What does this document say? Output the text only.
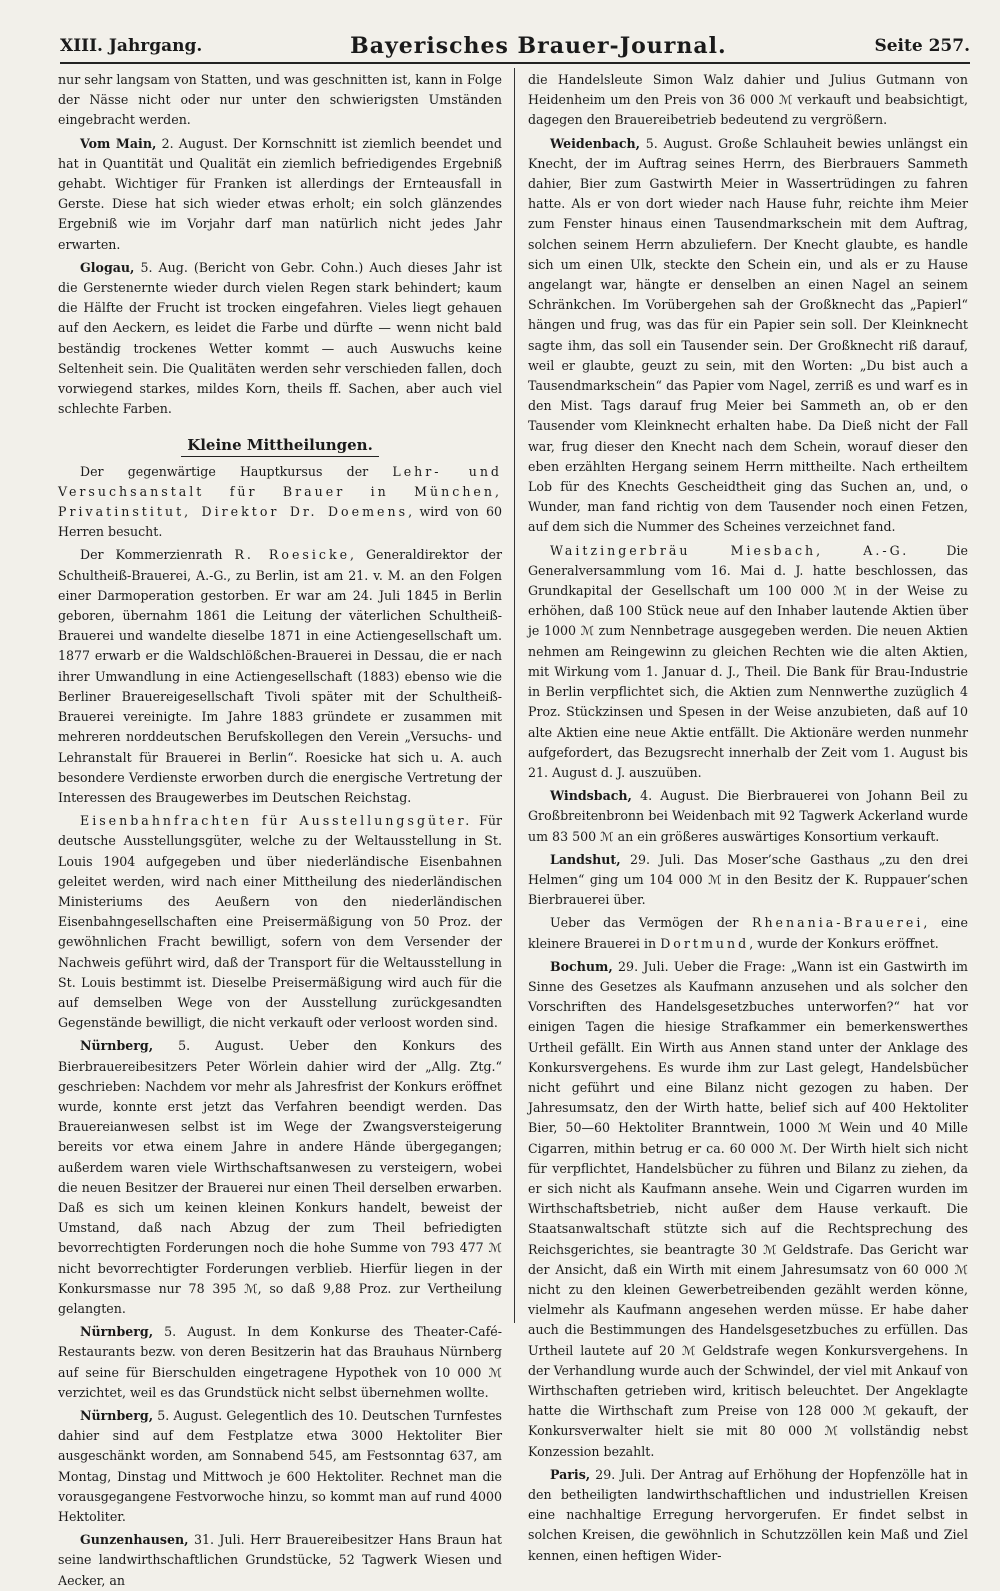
XIII. Jahrgang.	Bayerisches Brauer-Journal.	Seite 257.

nur sehr langsam von Statten, und was geschnitten ist, kann in Folge der Nässe nicht oder nur unter den schwierigsten Umständen eingebracht werden.

Vom Main, 2. August. Der Kornschnitt ist ziemlich beendet und hat in Quantität und Qualität ein ziemlich befriedigendes Ergebniß gehabt. Wichtiger für Franken ist allerdings der Ernteausfall in Gerste. Diese hat sich wieder etwas erholt; ein solch glänzendes Ergebniß wie im Vorjahr darf man natürlich nicht jedes Jahr erwarten.

Glogau, 5. Aug. (Bericht von Gebr. Cohn.) Auch dieses Jahr ist die Gerstenernte wieder durch vielen Regen stark behindert; kaum die Hälfte der Frucht ist trocken eingefahren. Vieles liegt gehauen auf den Aeckern, es leidet die Farbe und dürfte — wenn nicht bald beständig trockenes Wetter kommt — auch Auswuchs keine Seltenheit sein. Die Qualitäten werden sehr verschieden fallen, doch vorwiegend starkes, mildes Korn, theils ff. Sachen, aber auch viel schlechte Farben.

Kleine Mittheilungen.

Der gegenwärtige Hauptkursus der Lehr- und Versuchsanstalt für Brauer in München, Privatinstitut, Direktor Dr. Doemens, wird von 60 Herren besucht.

Der Kommerzienrath R. Roesicke, Generaldirektor der Schultheiß-Brauerei, A.-G., zu Berlin, ist am 21. v. M. an den Folgen einer Darmoperation gestorben. Er war am 24. Juli 1845 in Berlin geboren, übernahm 1861 die Leitung der väterlichen Schultheiß-Brauerei und wandelte dieselbe 1871 in eine Actiengesellschaft um. 1877 erwarb er die Waldschlößchen-Brauerei in Dessau, die er nach ihrer Umwandlung in eine Actiengesellschaft (1883) ebenso wie die Berliner Brauereigesellschaft Tivoli später mit der Schultheiß-Brauerei vereinigte. Im Jahre 1883 gründete er zusammen mit mehreren norddeutschen Berufskollegen den Verein „Versuchs- und Lehranstalt für Brauerei in Berlin“. Roesicke hat sich u. A. auch besondere Verdienste erworben durch die energische Vertretung der Interessen des Braugewerbes im Deutschen Reichstag.

Eisenbahnfrachten für Ausstellungsgüter. Für deutsche Ausstellungsgüter, welche zu der Weltausstellung in St. Louis 1904 aufgegeben und über niederländische Eisenbahnen geleitet werden, wird nach einer Mittheilung des niederländischen Ministeriums des Aeußern von den niederländischen Eisenbahngesellschaften eine Preisermäßigung von 50 Proz. der gewöhnlichen Fracht bewilligt, sofern von dem Versender der Nachweis geführt wird, daß der Transport für die Weltausstellung in St. Louis bestimmt ist. Dieselbe Preisermäßigung wird auch für die auf demselben Wege von der Ausstellung zurückgesandten Gegenstände bewilligt, die nicht verkauft oder verloost worden sind.

Nürnberg, 5. August. Ueber den Konkurs des Bierbrauereibesitzers Peter Wörlein dahier wird der „Allg. Ztg.“ geschrieben: Nachdem vor mehr als Jahresfrist der Konkurs eröffnet wurde, konnte erst jetzt das Verfahren beendigt werden. Das Brauereianwesen selbst ist im Wege der Zwangsversteigerung bereits vor etwa einem Jahre in andere Hände übergegangen; außerdem waren viele Wirthschaftsanwesen zu versteigern, wobei die neuen Besitzer der Brauerei nur einen Theil derselben erwarben. Daß es sich um keinen kleinen Konkurs handelt, beweist der Umstand, daß nach Abzug der zum Theil befriedigten bevorrechtigten Forderungen noch die hohe Summe von 793 477 ℳ nicht bevorrechtigter Forderungen verblieb. Hierfür liegen in der Konkursmasse nur 78 395 ℳ, so daß 9,88 Proz. zur Vertheilung gelangten.

Nürnberg, 5. August. In dem Konkurse des Theater-Café-Restaurants bezw. von deren Besitzerin hat das Brauhaus Nürnberg auf seine für Bierschulden eingetragene Hypothek von 10 000 ℳ verzichtet, weil es das Grundstück nicht selbst übernehmen wollte.

Nürnberg, 5. August. Gelegentlich des 10. Deutschen Turnfestes dahier sind auf dem Festplatze etwa 3000 Hektoliter Bier ausgeschänkt worden, am Sonnabend 545, am Festsonntag 637, am Montag, Dinstag und Mittwoch je 600 Hektoliter. Rechnet man die vorausgegangene Festvorwoche hinzu, so kommt man auf rund 4000 Hektoliter.

Gunzenhausen, 31. Juli. Herr Brauereibesitzer Hans Braun hat seine landwirthschaftlichen Grundstücke, 52 Tagwerk Wiesen und Aecker, an

die Handelsleute Simon Walz dahier und Julius Gutmann von Heidenheim um den Preis von 36 000 ℳ verkauft und beabsichtigt, dagegen den Brauereibetrieb bedeutend zu vergrößern.

Weidenbach, 5. August. Große Schlauheit bewies unlängst ein Knecht, der im Auftrag seines Herrn, des Bierbrauers Sammeth dahier, Bier zum Gastwirth Meier in Wassertrüdingen zu fahren hatte. Als er von dort wieder nach Hause fuhr, reichte ihm Meier zum Fenster hinaus einen Tausendmarkschein mit dem Auftrag, solchen seinem Herrn abzuliefern. Der Knecht glaubte, es handle sich um einen Ulk, steckte den Schein ein, und als er zu Hause angelangt war, hängte er denselben an einen Nagel an seinem Schränkchen. Im Vorübergehen sah der Großknecht das „Papierl“ hängen und frug, was das für ein Papier sein soll. Der Kleinknecht sagte ihm, das soll ein Tausender sein. Der Großknecht riß darauf, weil er glaubte, geuzt zu sein, mit den Worten: „Du bist auch a Tausendmarkschein“ das Papier vom Nagel, zerriß es und warf es in den Mist. Tags darauf frug Meier bei Sammeth an, ob er den Tausender vom Kleinknecht erhalten habe. Da Dieß nicht der Fall war, frug dieser den Knecht nach dem Schein, worauf dieser den eben erzählten Hergang seinem Herrn mittheilte. Nach ertheiltem Lob für des Knechts Gescheidtheit ging das Suchen an, und, o Wunder, man fand richtig von dem Tausender noch einen Fetzen, auf dem sich die Nummer des Scheines verzeichnet fand.

Waitzingerbräu Miesbach, A.-G. Die Generalversammlung vom 16. Mai d. J. hatte beschlossen, das Grundkapital der Gesellschaft um 100 000 ℳ in der Weise zu erhöhen, daß 100 Stück neue auf den Inhaber lautende Aktien über je 1000 ℳ zum Nennbetrage ausgegeben werden. Die neuen Aktien nehmen am Reingewinn zu gleichen Rechten wie die alten Aktien, mit Wirkung vom 1. Januar d. J., Theil. Die Bank für Brau-Industrie in Berlin verpflichtet sich, die Aktien zum Nennwerthe zuzüglich 4 Proz. Stückzinsen und Spesen in der Weise anzubieten, daß auf 10 alte Aktien eine neue Aktie entfällt. Die Aktionäre werden nunmehr aufgefordert, das Bezugsrecht innerhalb der Zeit vom 1. August bis 21. August d. J. auszuüben.

Windsbach, 4. August. Die Bierbrauerei von Johann Beil zu Großbreitenbronn bei Weidenbach mit 92 Tagwerk Ackerland wurde um 83 500 ℳ an ein größeres auswärtiges Konsortium verkauft.

Landshut, 29. Juli. Das Moser’sche Gasthaus „zu den drei Helmen“ ging um 104 000 ℳ in den Besitz der K. Ruppauer’schen Bierbrauerei über.

Ueber das Vermögen der Rhenania-Brauerei, eine kleinere Brauerei in Dortmund, wurde der Konkurs eröffnet.

Bochum, 29. Juli. Ueber die Frage: „Wann ist ein Gastwirth im Sinne des Gesetzes als Kaufmann anzusehen und als solcher den Vorschriften des Handelsgesetzbuches unterworfen?“ hat vor einigen Tagen die hiesige Strafkammer ein bemerkenswerthes Urtheil gefällt. Ein Wirth aus Annen stand unter der Anklage des Konkursvergehens. Es wurde ihm zur Last gelegt, Handelsbücher nicht geführt und eine Bilanz nicht gezogen zu haben. Der Jahresumsatz, den der Wirth hatte, belief sich auf 400 Hektoliter Bier, 50—60 Hektoliter Branntwein, 1000 ℳ Wein und 40 Mille Cigarren, mithin betrug er ca. 60 000 ℳ. Der Wirth hielt sich nicht für verpflichtet, Handelsbücher zu führen und Bilanz zu ziehen, da er sich nicht als Kaufmann ansehe. Wein und Cigarren wurden im Wirthschaftsbetrieb, nicht außer dem Hause verkauft. Die Staatsanwaltschaft stützte sich auf die Rechtsprechung des Reichsgerichtes, sie beantragte 30 ℳ Geldstrafe. Das Gericht war der Ansicht, daß ein Wirth mit einem Jahresumsatz von 60 000 ℳ nicht zu den kleinen Gewerbetreibenden gezählt werden könne, vielmehr als Kaufmann angesehen werden müsse. Er habe daher auch die Bestimmungen des Handelsgesetzbuches zu erfüllen. Das Urtheil lautete auf 20 ℳ Geldstrafe wegen Konkursvergehens. In der Verhandlung wurde auch der Schwindel, der viel mit Ankauf von Wirthschaften getrieben wird, kritisch beleuchtet. Der Angeklagte hatte die Wirthschaft zum Preise von 128 000 ℳ gekauft, der Konkursverwalter hielt sie mit 80 000 ℳ vollständig nebst Konzession bezahlt.

Paris, 29. Juli. Der Antrag auf Erhöhung der Hopfenzölle hat in den betheiligten landwirthschaftlichen und industriellen Kreisen eine nachhaltige Erregung hervorgerufen. Er findet selbst in solchen Kreisen, die gewöhnlich in Schutzzöllen kein Maß und Ziel kennen, einen heftigen Wider-
